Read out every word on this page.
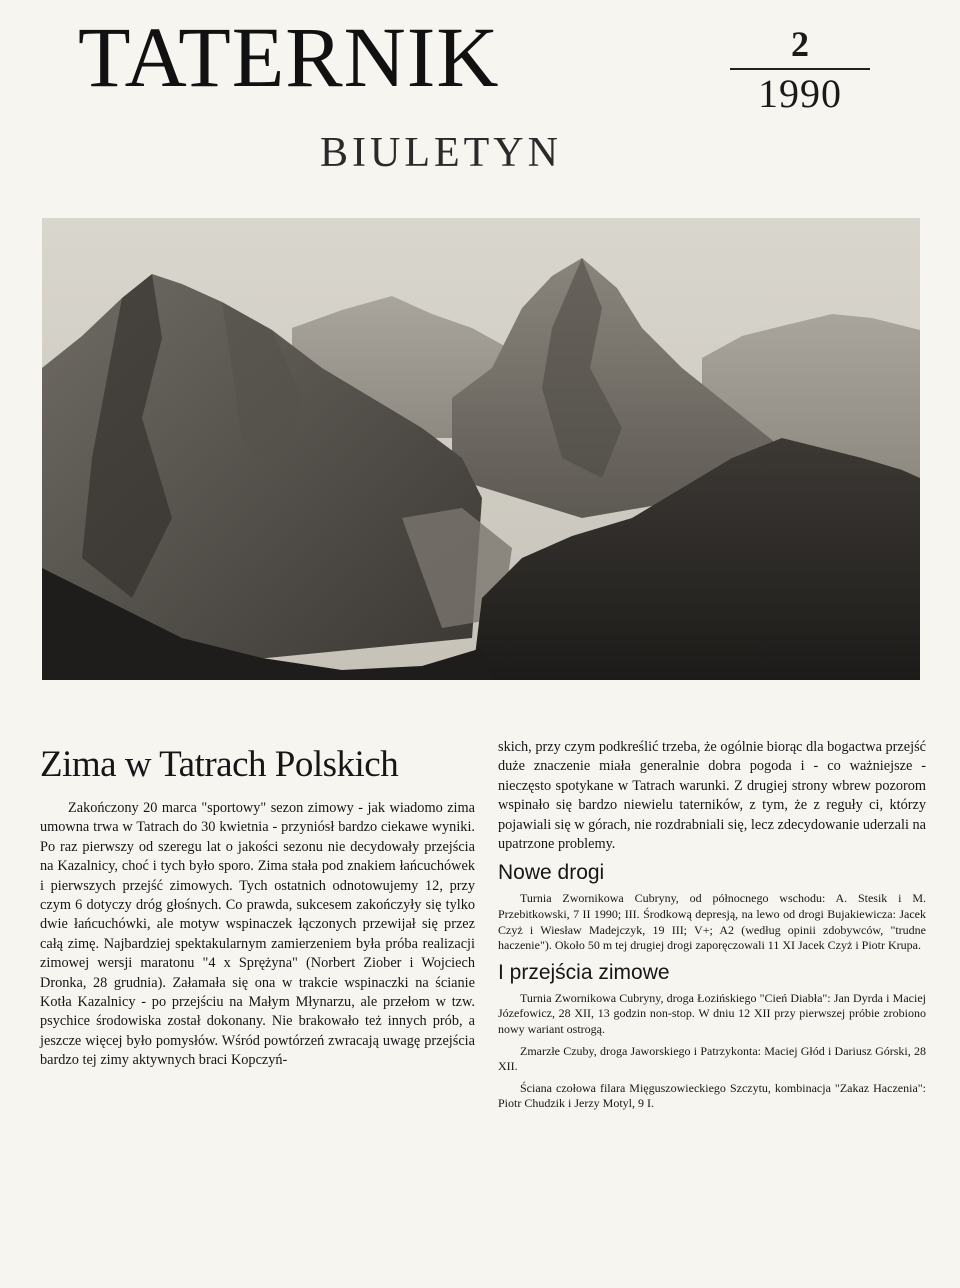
TATERNIK
BIULETYN
2
1990
Zima w Tatrach Polskich

Zakończony 20 marca "sportowy" sezon zimowy - jak wiadomo zima umowna trwa w Tatrach do 30 kwietnia - przyniósł bardzo ciekawe wyniki. Po raz pierwszy od szeregu lat o jakości sezonu nie decydowały przejścia na Kazalnicy, choć i tych było sporo. Zima stała pod znakiem łańcuchówek i pierwszych przejść zimowych. Tych ostatnich odnotowujemy 12, przy czym 6 dotyczy dróg głośnych. Co prawda, sukcesem zakończyły się tylko dwie łańcuchówki, ale motyw wspinaczek łączonych przewijał się przez całą zimę. Najbardziej spektakularnym zamierzeniem była próba realizacji zimowej wersji maratonu "4 x Sprężyna" (Norbert Ziober i Wojciech Dronka, 28 grudnia). Załamała się ona w trakcie wspinaczki na ścianie Kotła Kazalnicy - po przejściu na Małym Młynarzu, ale przełom w tzw. psychice środowiska został dokonany. Nie brakowało też innych prób, a jeszcze więcej było pomysłów. Wśród powtórzeń zwracają uwagę przejścia bardzo tej zimy aktywnych braci Kopczyń-

skich, przy czym podkreślić trzeba, że ogólnie biorąc dla bogactwa przejść duże znaczenie miała generalnie dobra pogoda i - co ważniejsze - nieczęsto spotykane w Tatrach warunki. Z drugiej strony wbrew pozorom wspinało się bardzo niewielu taterników, z tym, że z reguły ci, którzy pojawiali się w górach, nie rozdrabniali się, lecz zdecydowanie uderzali na upatrzone problemy.

Nowe drogi

Turnia Zwornikowa Cubryny, od północnego wschodu: A. Stesik i M. Przebitkowski, 7 II 1990; III. Środkową depresją, na lewo od drogi Bujakiewicza: Jacek Czyż i Wiesław Madejczyk, 19 III; V+; A2 (według opinii zdobywców, "trudne haczenie"). Około 50 m tej drugiej drogi zaporęczowali 11 XI Jacek Czyż i Piotr Krupa.

I przejścia zimowe

Turnia Zwornikowa Cubryny, droga Łozińskiego "Cień Diabła": Jan Dyrda i Maciej Józefowicz, 28 XII, 13 godzin non-stop. W dniu 12 XII przy pierwszej próbie zrobiono nowy wariant ostrogą.

Zmarzłe Czuby, droga Jaworskiego i Patrzykonta: Maciej Głód i Dariusz Górski, 28 XII.

Ściana czołowa filara Mięguszowieckiego Szczytu, kombinacja "Zakaz Haczenia": Piotr Chudzik i Jerzy Motyl, 9 I.
